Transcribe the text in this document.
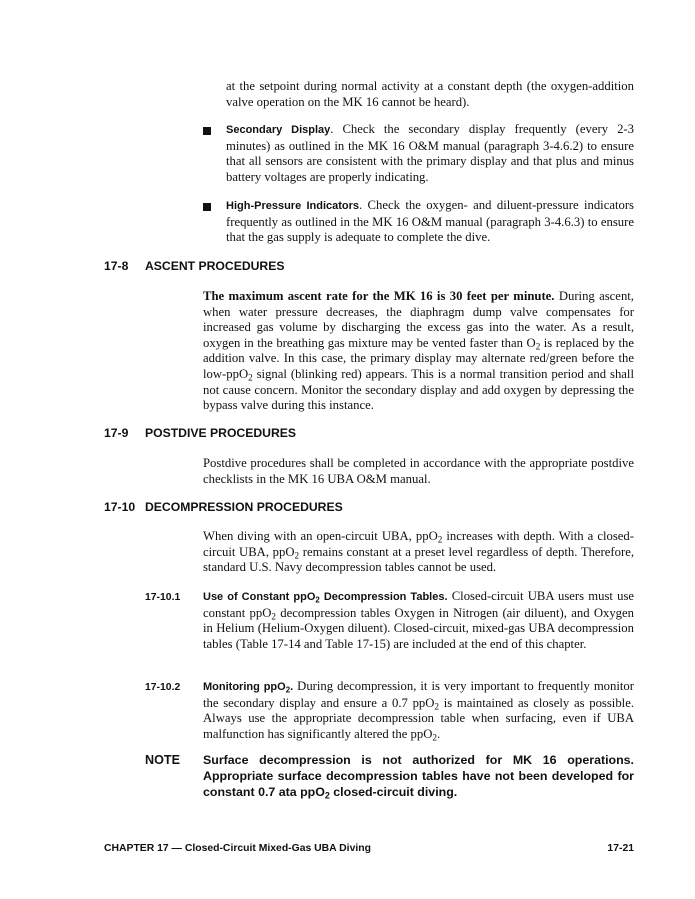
at the setpoint during normal activity at a constant depth (the oxygen-addition valve operation on the MK 16 cannot be heard).
Secondary Display. Check the secondary display frequently (every 2-3 minutes) as outlined in the MK 16 O&M manual (paragraph 3-4.6.2) to ensure that all sensors are consistent with the primary display and that plus and minus battery voltages are properly indicating.
High-Pressure Indicators. Check the oxygen- and diluent-pressure indicators frequently as outlined in the MK 16 O&M manual (paragraph 3-4.6.3) to ensure that the gas supply is adequate to complete the dive.
17-8 ASCENT PROCEDURES
The maximum ascent rate for the MK 16 is 30 feet per minute. During ascent, when water pressure decreases, the diaphragm dump valve compensates for increased gas volume by discharging the excess gas into the water. As a result, oxygen in the breathing gas mixture may be vented faster than $O_2$ is replaced by the addition valve. In this case, the primary display may alternate red/green before the low-ppO$_2$ signal (blinking red) appears. This is a normal transition period and shall not cause concern. Monitor the secondary display and add oxygen by depressing the bypass valve during this instance.
17-9 POSTDIVE PROCEDURES
Postdive procedures shall be completed in accordance with the appropriate postdive checklists in the MK 16 UBA O&M manual.
17-10 DECOMPRESSION PROCEDURES
When diving with an open-circuit UBA, ppO$_2$ increases with depth. With a closed-circuit UBA, ppO$_2$ remains constant at a preset level regardless of depth. Therefore, standard U.S. Navy decompression tables cannot be used.
17-10.1 Use of Constant ppO$_2$ Decompression Tables. Closed-circuit UBA users must use constant ppO$_2$ decompression tables Oxygen in Nitrogen (air diluent), and Oxygen in Helium (Helium-Oxygen diluent). Closed-circuit, mixed-gas UBA decompression tables (Table 17-14 and Table 17-15) are included at the end of this chapter.
17-10.2 Monitoring ppO$_2$. During decompression, it is very important to frequently monitor the secondary display and ensure a 0.7 ppO$_2$ is maintained as closely as possible. Always use the appropriate decompression table when surfacing, even if UBA malfunction has significantly altered the ppO$_2$.
NOTE Surface decompression is not authorized for MK 16 operations. Appropriate surface decompression tables have not been developed for constant 0.7 ata ppO$_2$ closed-circuit diving.
CHAPTER 17 — Closed-Circuit Mixed-Gas UBA Diving	17-21
